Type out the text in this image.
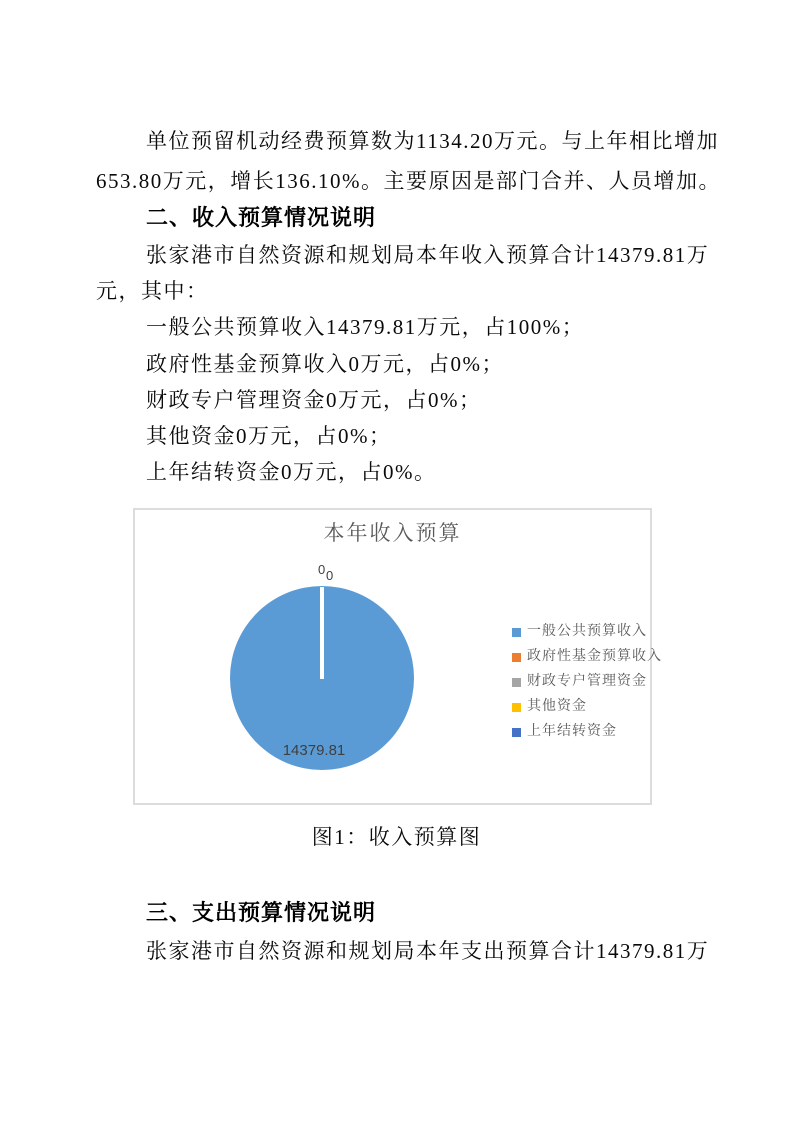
单位预留机动经费预算数为1134.20万元。与上年相比增加
653.80万元，增长136.10%。主要原因是部门合并、人员增加。
二、收入预算情况说明
张家港市自然资源和规划局本年收入预算合计14379.81万
元，其中：
一般公共预算收入14379.81万元，占100%；
政府性基金预算收入0万元，占0%；
财政专户管理资金0万元，占0%；
其他资金0万元，占0%；
上年结转资金0万元，占0%。
本年收入预算
0 0
14379.81
一般公共预算收入
政府性基金预算收入
财政专户管理资金
其他资金
上年结转资金
图1：收入预算图
三、支出预算情况说明
张家港市自然资源和规划局本年支出预算合计14379.81万
